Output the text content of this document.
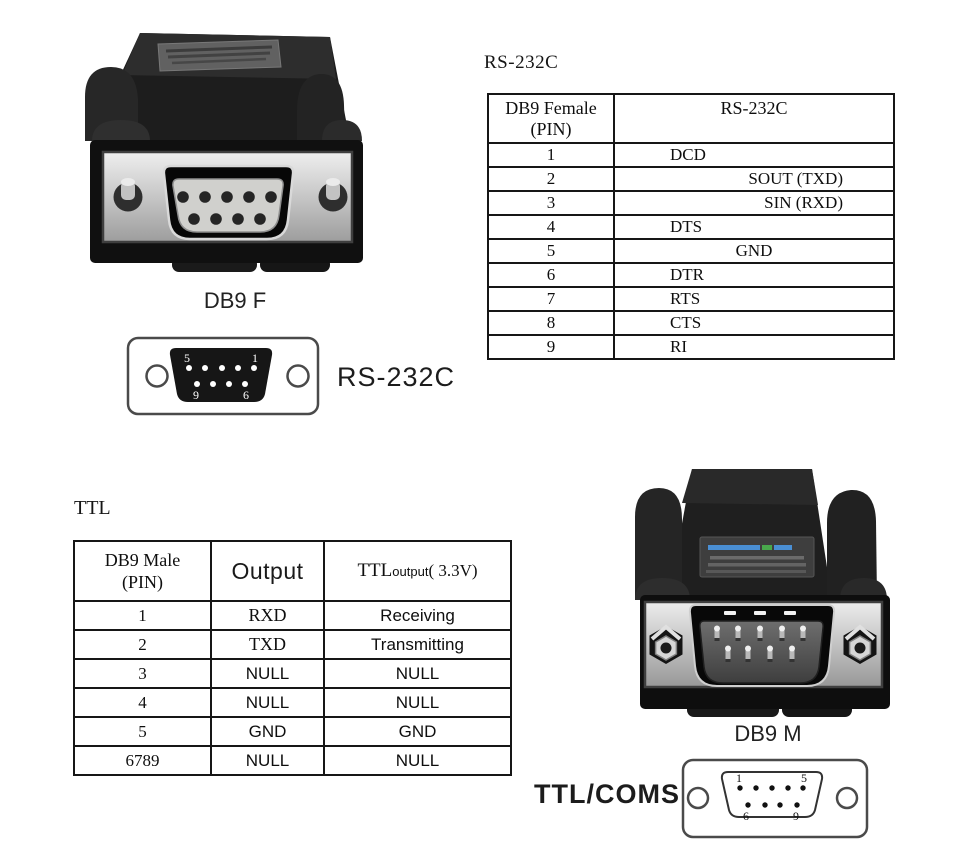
DB9 F
5	1
9	6
RS-232C
RS-232C
DB9 Female
(PIN)	RS-232C
1	DCD
2	SOUT (TXD)
3	SIN (RXD)
4	DTS
5	GND
6	DTR
7	RTS
8	CTS
9	RI
TTL
DB9 Male
(PIN)	Output	TTLoutput( 3.3V)
1	RXD	Receiving
2	TXD	Transmitting
3	NULL	NULL
4	NULL	NULL
5	GND	GND
6789	NULL	NULL
DB9 M
TTL/COMS
1	5
6	9
